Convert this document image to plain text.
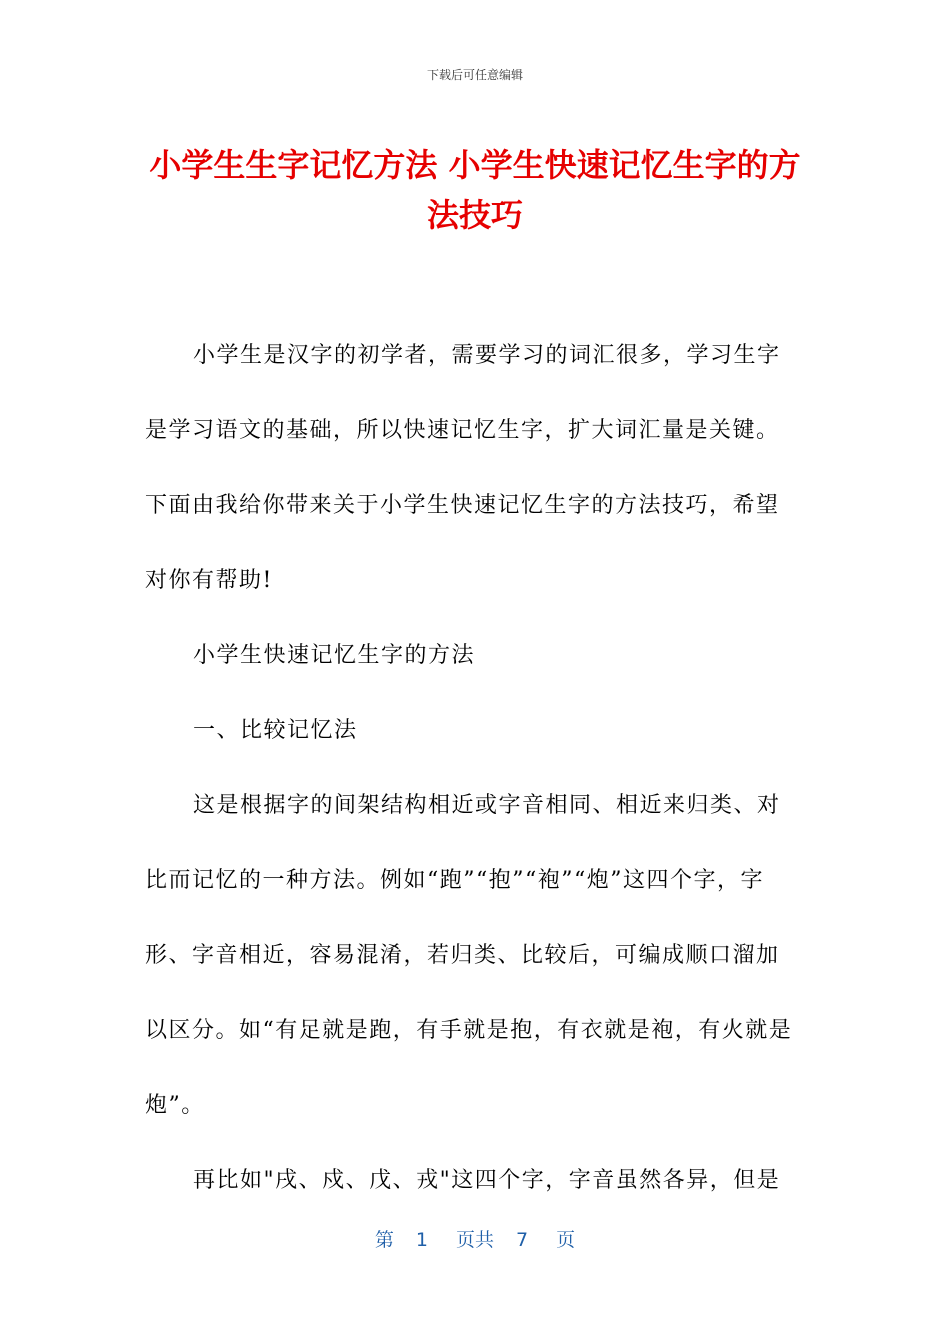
下载后可任意编辑
小学生生字记忆方法 小学生快速记忆生字的方法技巧

小学生是汉字的初学者，需要学习的词汇很多，学习生字是学习语文的基础，所以快速记忆生字，扩大词汇量是关键。下面由我给你带来关于小学生快速记忆生字的方法技巧，希望对你有帮助!

小学生快速记忆生字的方法

一、比较记忆法

这是根据字的间架结构相近或字音相同、相近来归类、对比而记忆的一种方法。例如“跑”“抱”“袍”“炮”这四个字，字形、字音相近，容易混淆，若归类、比较后，可编成顺口溜加以区分。如“有足就是跑，有手就是抱，有衣就是袍，有火就是炮”。

再比如"戌、戍、戊、戎"这四个字，字音虽然各异，但是

第 1 页共 7 页
